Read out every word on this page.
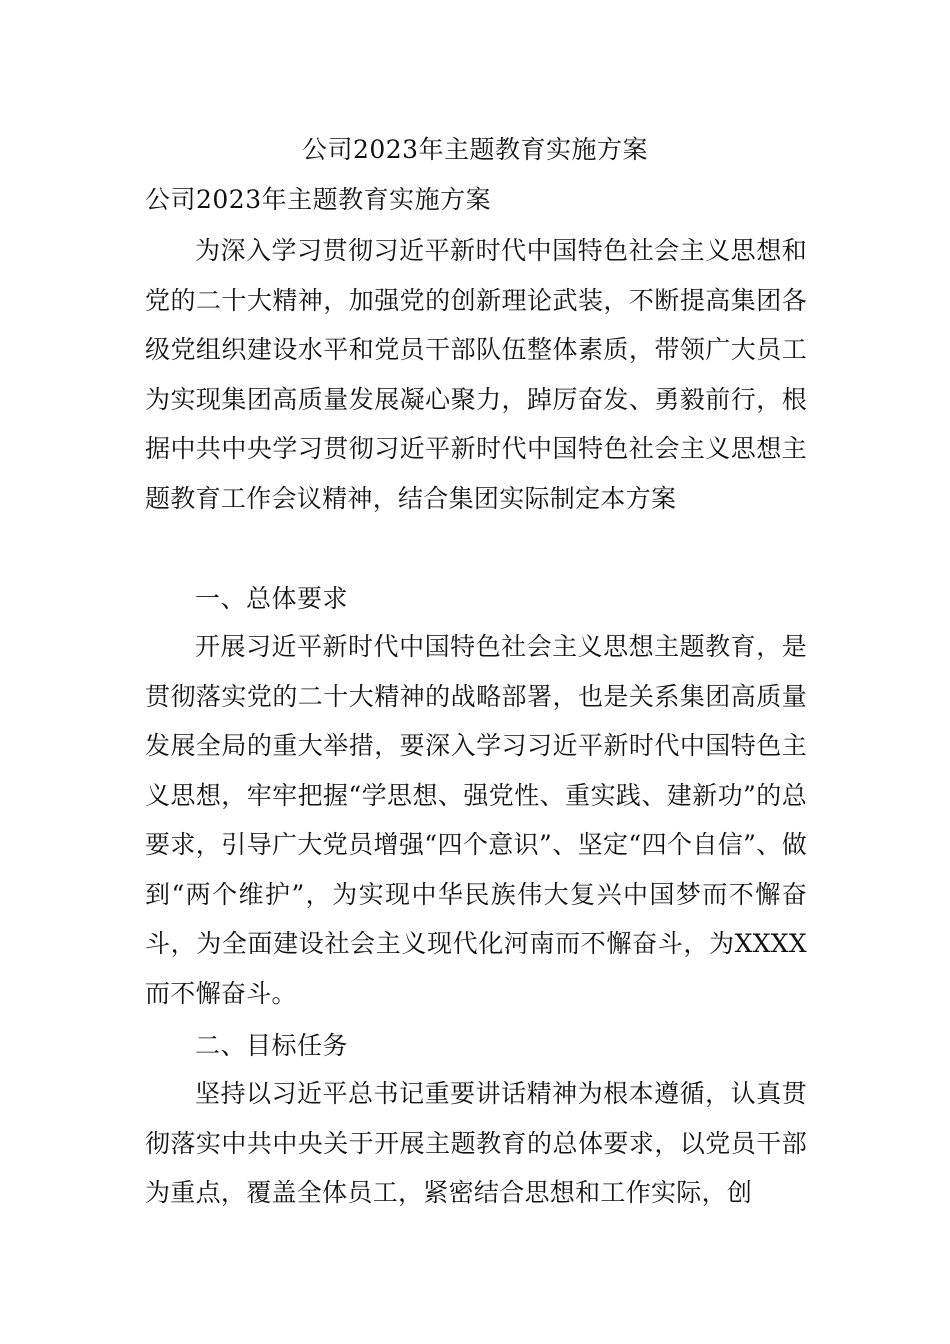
公司2023年主题教育实施方案
公司2023年主题教育实施方案

为深入学习贯彻习近平新时代中国特色社会主义思想和党的二十大精神，加强党的创新理论武装，不断提高集团各级党组织建设水平和党员干部队伍整体素质，带领广大员工为实现集团高质量发展凝心聚力，踔厉奋发、勇毅前行，根据中共中央学习贯彻习近平新时代中国特色社会主义思想主题教育工作会议精神，结合集团实际制定本方案

一、总体要求

开展习近平新时代中国特色社会主义思想主题教育，是贯彻落实党的二十大精神的战略部署，也是关系集团高质量发展全局的重大举措，要深入学习习近平新时代中国特色主义思想，牢牢把握“学思想、强党性、重实践、建新功”的总要求，引导广大党员增强“四个意识”、坚定“四个自信”、做到“两个维护”，为实现中华民族伟大复兴中国梦而不懈奋斗，为全面建设社会主义现代化河南而不懈奋斗，为XXXX而不懈奋斗。

二、目标任务

坚持以习近平总书记重要讲话精神为根本遵循，认真贯彻落实中共中央关于开展主题教育的总体要求，以党员干部为重点，覆盖全体员工，紧密结合思想和工作实际，创
